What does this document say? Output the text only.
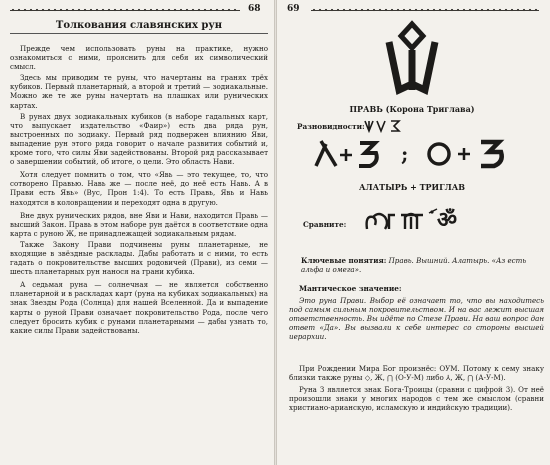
68
Толкования славянских рун

Прежде чем использовать руны на практике, нужно ознакомиться с ними, прояснить для себя их символический смысл.

Здесь мы приводим те руны, что начертаны на гранях трёх кубиков. Первый планетарный, а второй и третий — зодиакальные. Можно же те же руны начертать на плашках или рунических картах.

В рунах двух зодиакальных кубиков (в наборе гадальных карт, что выпускает издательство «Фаир») есть два ряда рун, выстроенных по зодиаку. Первый ряд подвержен влиянию Яви, выпадение рун этого ряда говорит о начале развития событий и, кроме того, что силы Яви задействованы. Второй ряд рассказывает о завершении событий, об итоге, о цели. Это область Нави.

Хотя следует помнить о том, что «Явь — это текущее, то, что сотворено Правью. Навь же — после неё, до неё есть Навь. А в Прави есть Явь» (Вус, Прон 1:4). То есть Правь, Явь и Навь находятся в коловращении и переходят одна в другую.

Вне двух рунических рядов, вне Яви и Нави, находится Правь — высший Закон. Правь в этом наборе рун даётся в соответствие одна карта с руною Ж, не принадлежащей зодиакальным рядам.

Также Закону Прави подчинены руны планетарные, не входящие в звёздные расклады. Дабы работать и с ними, то есть гадать о покровительстве высших родовичей (Прави), из семи — шесть планетарных рун нанося на грани кубика.

А седьмая руна — солнечная — не является собственно планетарной и в раскладах карт (руна на кубиках зодиакальных) на знак Звезды Рода (Солнца) для нашей Вселенной. Да и выпадение карты о руной Прави означает покровительство Рода, после чего следует бросить кубик с рунами планетарными — дабы узнать то, какие силы Прави задействованы.

69
ПРАВЬ (Корона Триглава)
Разновидности:
;
АЛАТЫРЬ + ТРИГЛАВ
Сравните:	ॐ
Ключевые понятия: Правь. Вышний. Алатырь. «Аз есть альфа и омега».
Мантическое значение:

Это руна Прави. Выбор её означает то, что вы находитесь под самым сильным покровительством. И на вас лежит высшая ответственность. Вы идёте по Стезе Прави. На ваш вопрос дан ответ «Да». Вы вызвали к себе интерес со стороны высшей иерархии.

При Рождении Мира Бог произнёс: ОУМ. Потому к сему знаку близки также руны ◇, Ж, ⋂ (О-У-М) либо ⅄, Ж, ⋂ (А-У-М).

Руна З является знак Бога-Троицы (сравни с цифрой 3). От неё произошли знаки у многих народов с тем же смыслом (сравни христиано-арианскую, исламскую и индийскую традиции).
